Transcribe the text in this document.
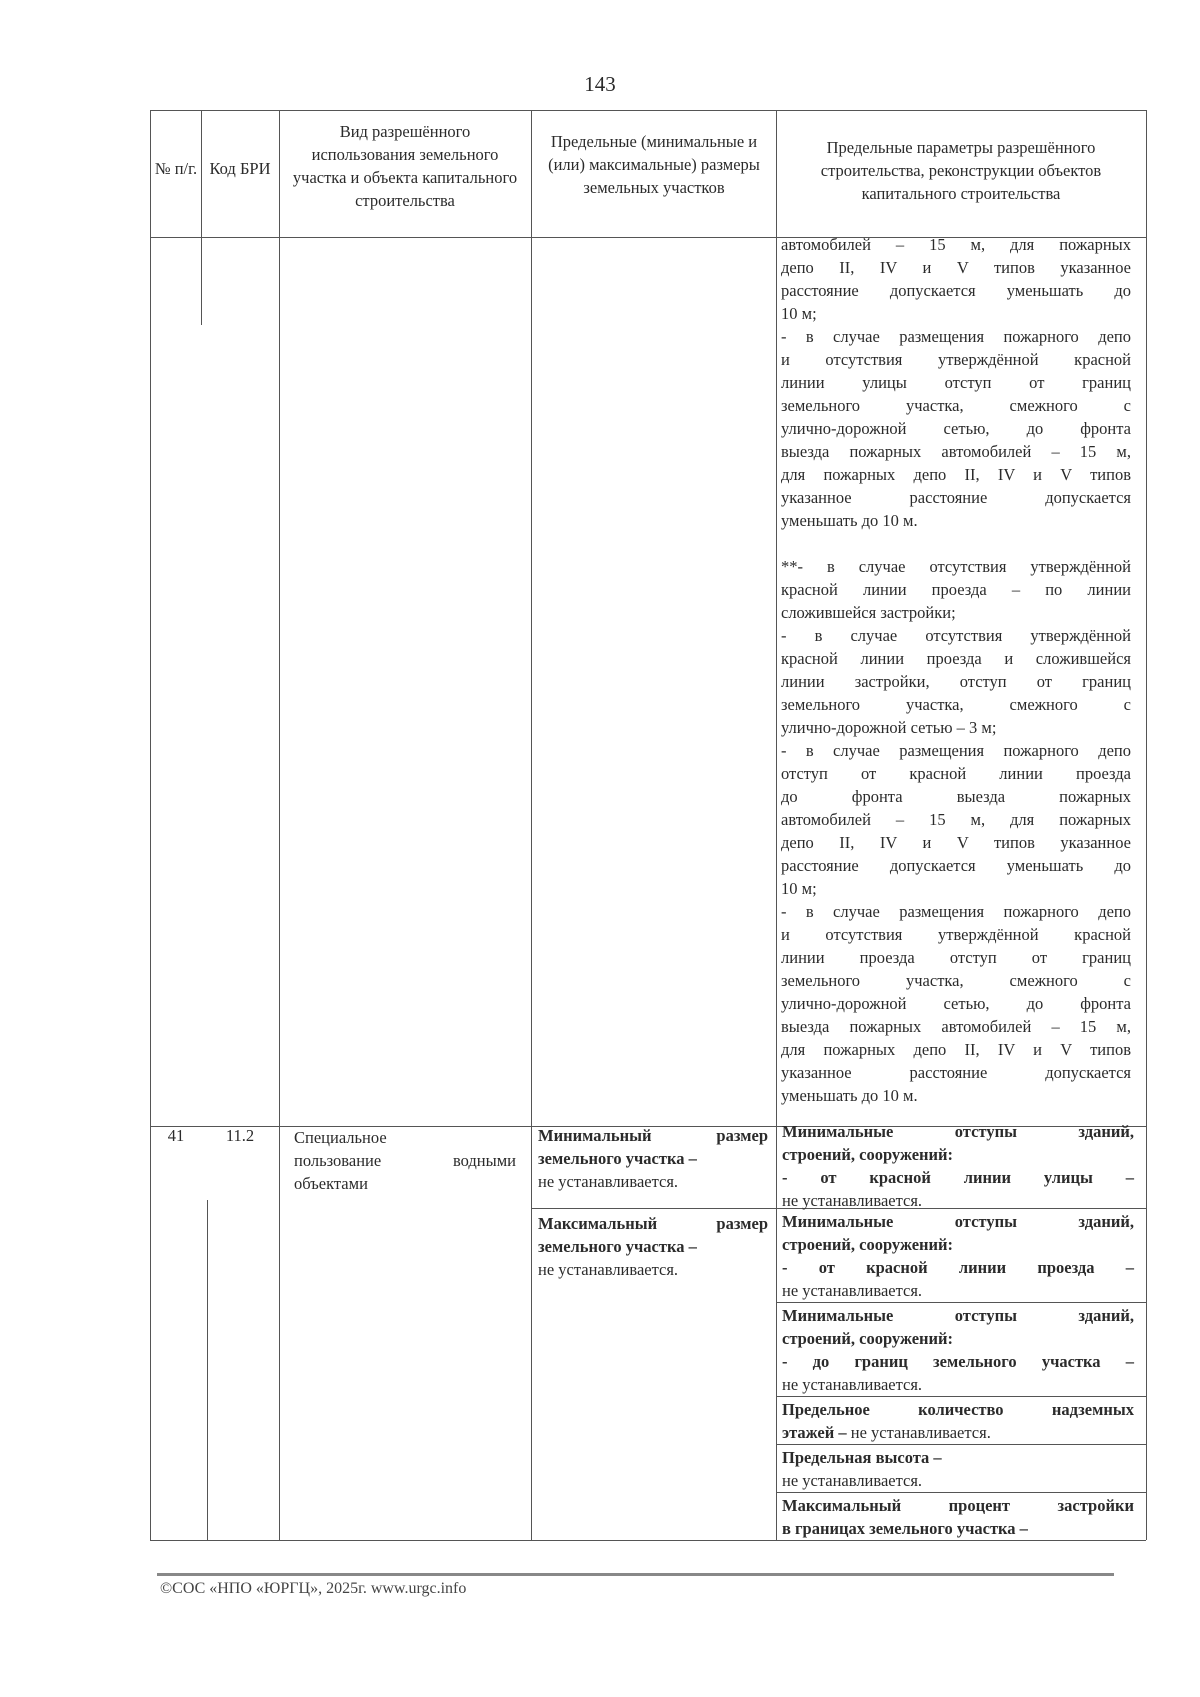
143
№ п/г. Код БРИ
Вид разрешённого использования земельного участка и объекта капитального строительства
Предельные (минимальные и (или) максимальные) размеры земельных участков
Предельные параметры разрешённого строительства, реконструкции объектов капитального строительства

автомобилей – 15 м, для пожарных

депо II, IV и V типов указанное

расстояние допускается уменьшать до

10 м;

- в случае размещения пожарного депо

и отсутствия утверждённой красной

линии улицы отступ от границ

земельного участка, смежного с

улично-дорожной сетью, до фронта

выезда пожарных автомобилей – 15 м,

для пожарных депо II, IV и V типов

указанное расстояние допускается

уменьшать до 10 м.

**- в случае отсутствия утверждённой

красной линии проезда – по линии

сложившейся застройки;

- в случае отсутствия утверждённой

красной линии проезда и сложившейся

линии застройки, отступ от границ

земельного участка, смежного с

улично-дорожной сетью – 3 м;

- в случае размещения пожарного депо

отступ от красной линии проезда

до фронта выезда пожарных

автомобилей – 15 м, для пожарных

депо II, IV и V типов указанное

расстояние допускается уменьшать до

10 м;

- в случае размещения пожарного депо

и отсутствия утверждённой красной

линии проезда отступ от границ

земельного участка, смежного с

улично-дорожной сетью, до фронта

выезда пожарных автомобилей – 15 м,

для пожарных депо II, IV и V типов

указанное расстояние допускается

уменьшать до 10 м.

41	11.2	Специальное

пользование водными

объектами

Минимальный размер земельного участка –
не устанавливается.
Максимальный размер земельного участка –
не устанавливается.

Минимальные отступы зданий,

строений, сооружений:

- от красной линии улицы –

не устанавливается.

Минимальные отступы зданий,

строений, сооружений:

- от красной линии проезда –

не устанавливается.

Минимальные отступы зданий,

строений, сооружений:

- до границ земельного участка –

не устанавливается.

Предельное количество надземных

этажей – не устанавливается.
Предельная высота –
не устанавливается.

Максимальный процент застройки

в границах земельного участка –

©СОС «НПО «ЮРГЦ», 2025г. www.urgc.info
